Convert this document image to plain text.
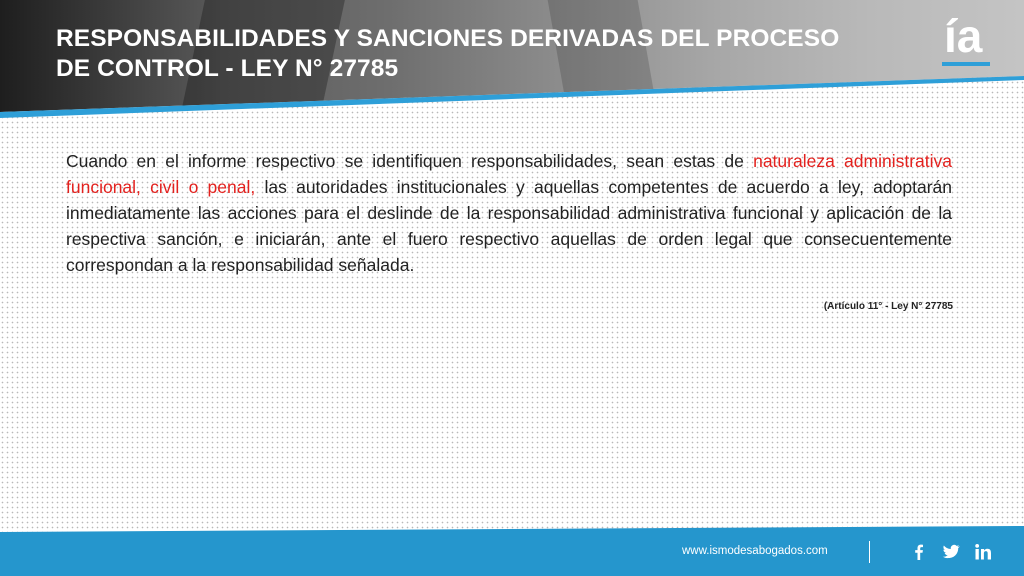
RESPONSABILIDADES Y SANCIONES DERIVADAS DEL PROCESO
DE CONTROL - LEY N° 27785
ía

Cuando en el informe respectivo se identifiquen responsabilidades, sean estas de naturaleza administrativa funcional, civil o penal, las autoridades institucionales y aquellas competentes de acuerdo a ley, adoptarán inmediatamente las acciones para el deslinde de la responsabilidad administrativa funcional y aplicación de la respectiva sanción, e iniciarán, ante el fuero respectivo aquellas de orden legal que consecuentemente correspondan a la responsabilidad señalada.

(Artículo 11° - Ley N° 27785
www.ismodesabogados.com
